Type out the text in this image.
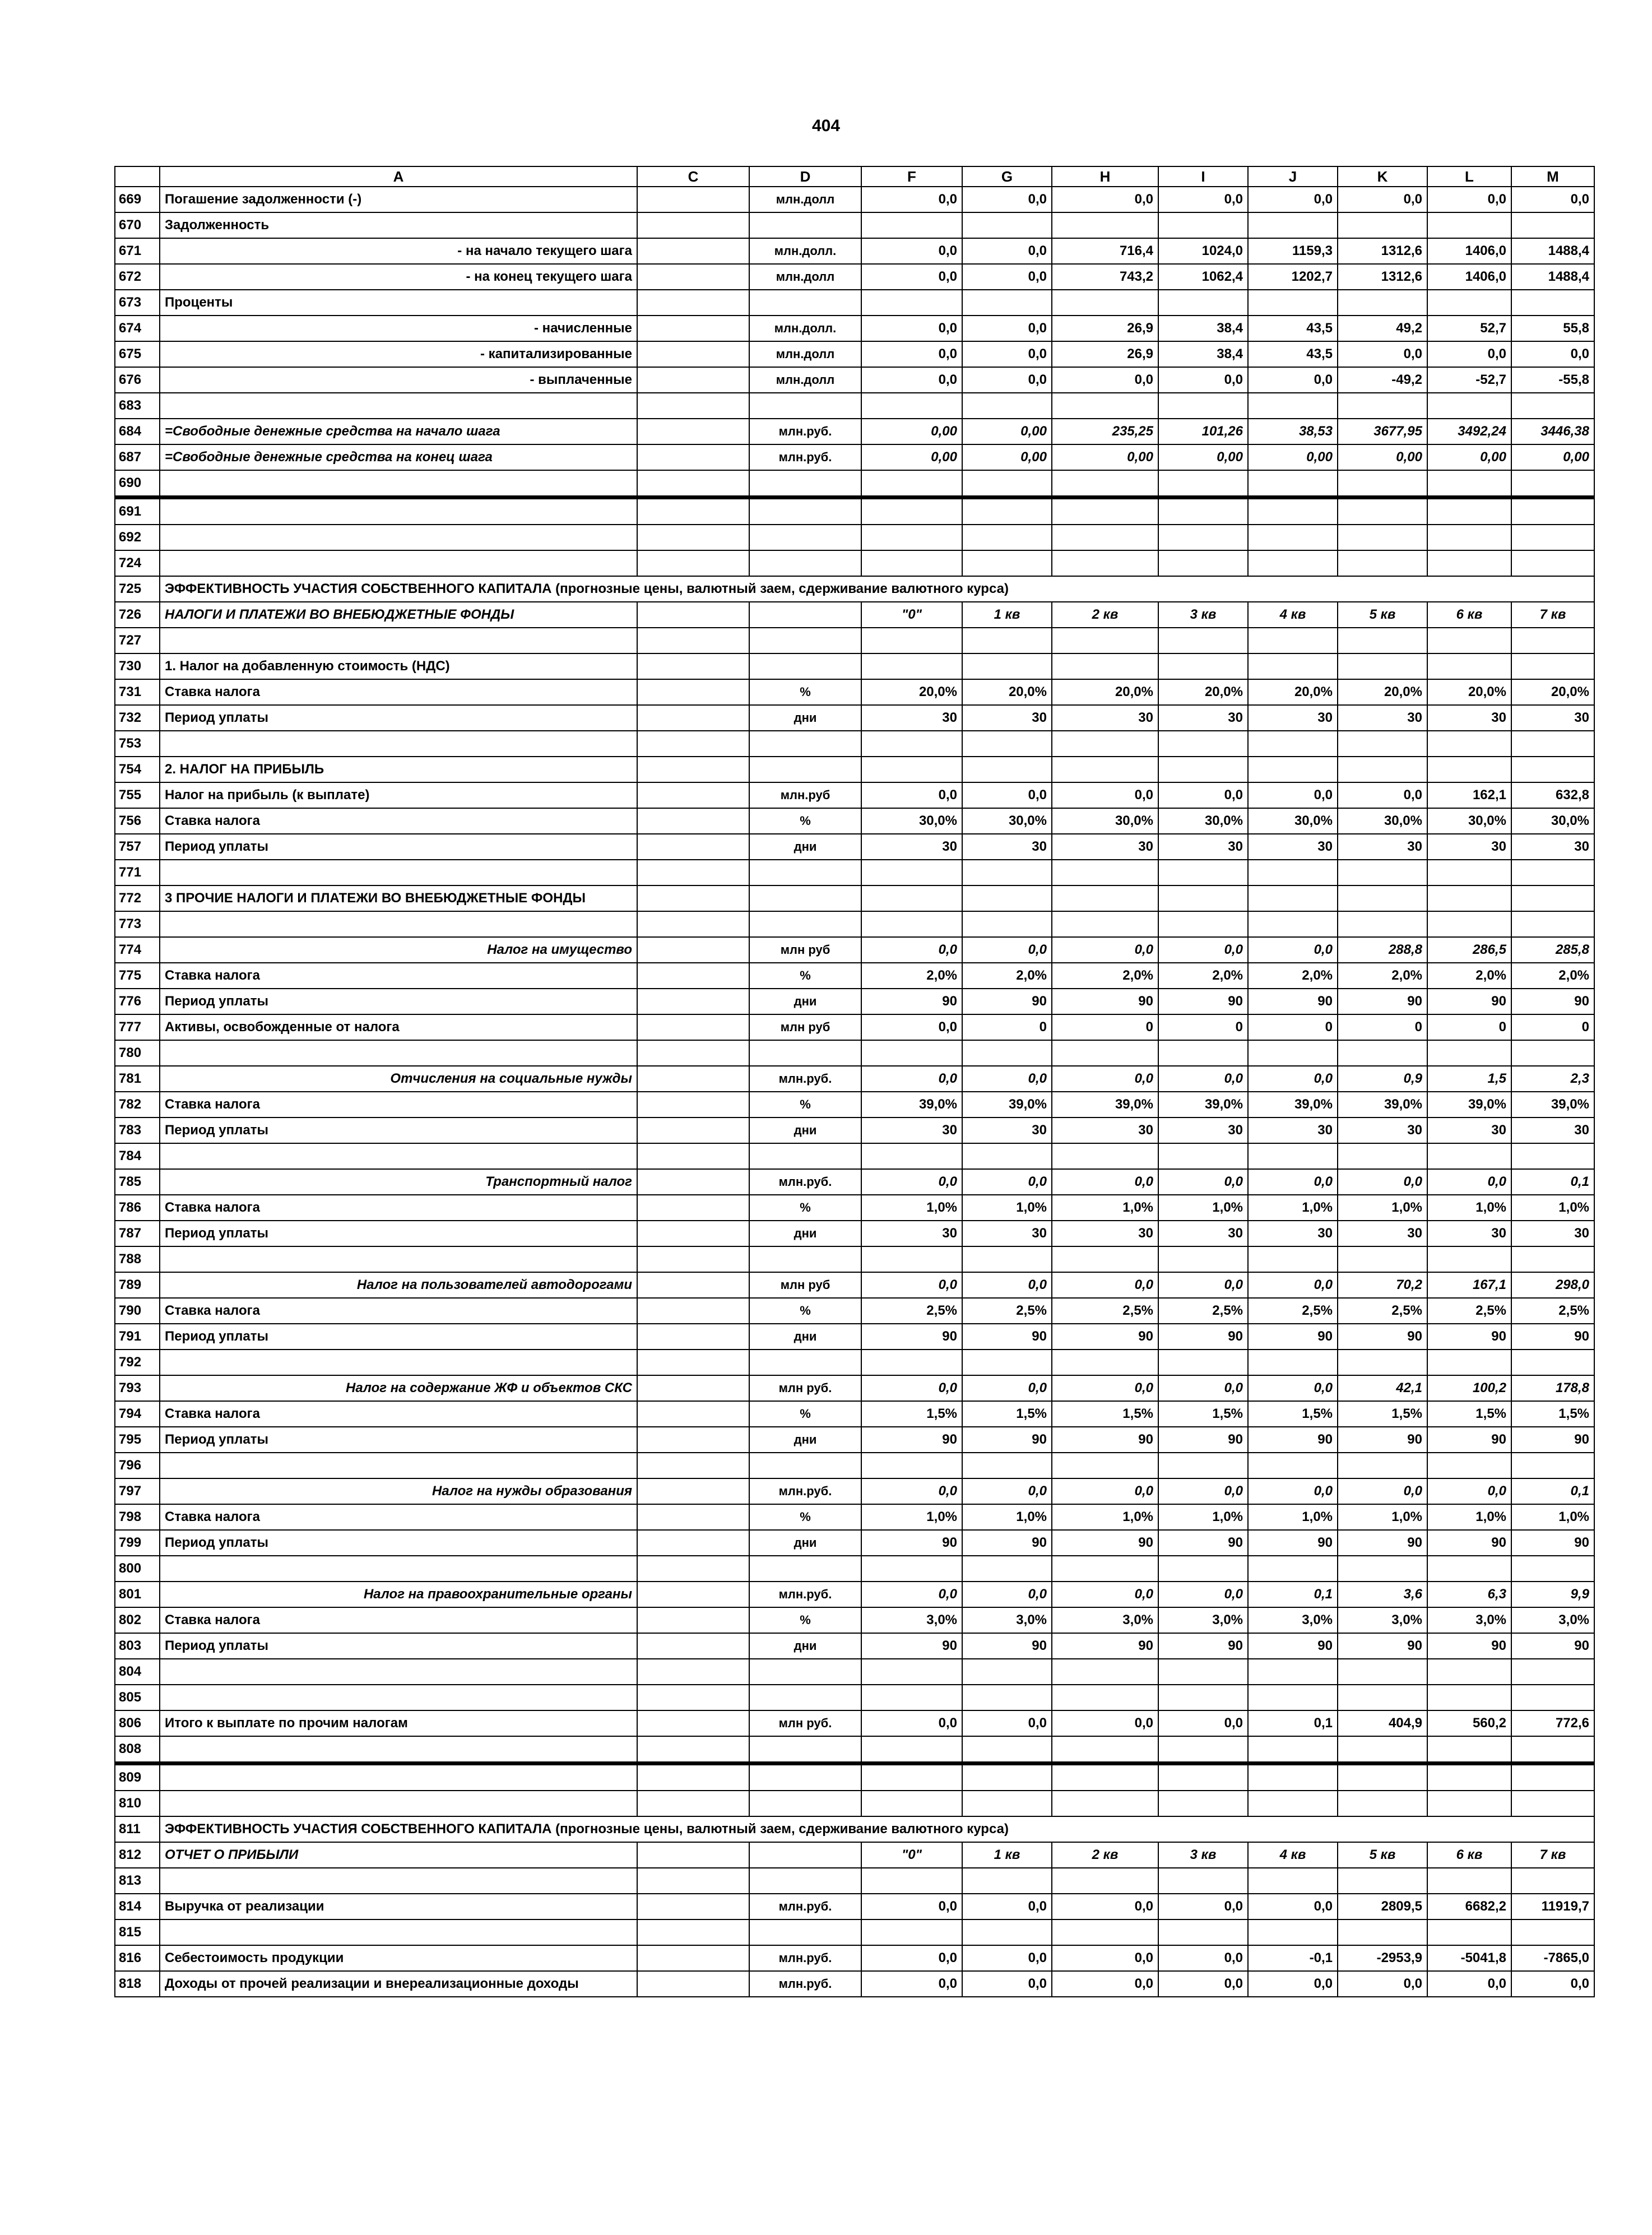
404
	A	C	D	F	G	H	I	J	K	L	M
669	Погашение задолженности (-)		млн.долл	0,0	0,0	0,0	0,0	0,0	0,0	0,0	0,0
670	Задолженность										
671	- на начало текущего шага		млн.долл.	0,0	0,0	716,4	1024,0	1159,3	1312,6	1406,0	1488,4
672	- на конец текущего шага		млн.долл	0,0	0,0	743,2	1062,4	1202,7	1312,6	1406,0	1488,4
673	Проценты										
674	- начисленные		млн.долл.	0,0	0,0	26,9	38,4	43,5	49,2	52,7	55,8
675	- капитализированные		млн.долл	0,0	0,0	26,9	38,4	43,5	0,0	0,0	0,0
676	- выплаченные		млн.долл	0,0	0,0	0,0	0,0	0,0	-49,2	-52,7	-55,8
683											
684	=Свободные денежные средства на начало шага		млн.руб.	0,00	0,00	235,25	101,26	38,53	3677,95	3492,24	3446,38
687	=Свободные денежные средства на конец шага		млн.руб.	0,00	0,00	0,00	0,00	0,00	0,00	0,00	0,00
690											
691											
692											
724											
725	ЭФФЕКТИВНОСТЬ УЧАСТИЯ СОБСТВЕННОГО КАПИТАЛА (прогнозные цены, валютный заем, сдерживание валютного курса)										
726	НАЛОГИ И ПЛАТЕЖИ ВО ВНЕБЮДЖЕТНЫЕ ФОНДЫ			"0"	1 кв	2 кв	3 кв	4 кв	5 кв	6 кв	7 кв
727											
730	1. Налог на добавленную стоимость (НДС)										
731	Ставка налога		%	20,0%	20,0%	20,0%	20,0%	20,0%	20,0%	20,0%	20,0%
732	Период уплаты		дни	30	30	30	30	30	30	30	30
753											
754	2. НАЛОГ НА ПРИБЫЛЬ										
755	Налог на прибыль (к выплате)		млн.руб	0,0	0,0	0,0	0,0	0,0	0,0	162,1	632,8
756	Ставка налога		%	30,0%	30,0%	30,0%	30,0%	30,0%	30,0%	30,0%	30,0%
757	Период уплаты		дни	30	30	30	30	30	30	30	30
771											
772	3 ПРОЧИЕ НАЛОГИ И ПЛАТЕЖИ ВО ВНЕБЮДЖЕТНЫЕ ФОНДЫ										
773											
774	Налог на имущество		млн руб	0,0	0,0	0,0	0,0	0,0	288,8	286,5	285,8
775	Ставка налога		%	2,0%	2,0%	2,0%	2,0%	2,0%	2,0%	2,0%	2,0%
776	Период уплаты		дни	90	90	90	90	90	90	90	90
777	Активы, освобожденные от налога		млн руб	0,0	0	0	0	0	0	0	0
780											
781	Отчисления на социальные нужды		млн.руб.	0,0	0,0	0,0	0,0	0,0	0,9	1,5	2,3
782	Ставка налога		%	39,0%	39,0%	39,0%	39,0%	39,0%	39,0%	39,0%	39,0%
783	Период уплаты		дни	30	30	30	30	30	30	30	30
784											
785	Транспортный налог		млн.руб.	0,0	0,0	0,0	0,0	0,0	0,0	0,0	0,1
786	Ставка налога		%	1,0%	1,0%	1,0%	1,0%	1,0%	1,0%	1,0%	1,0%
787	Период уплаты		дни	30	30	30	30	30	30	30	30
788											
789	Налог на пользователей автодорогами		млн руб	0,0	0,0	0,0	0,0	0,0	70,2	167,1	298,0
790	Ставка налога		%	2,5%	2,5%	2,5%	2,5%	2,5%	2,5%	2,5%	2,5%
791	Период уплаты		дни	90	90	90	90	90	90	90	90
792											
793	Налог на содержание ЖФ и объектов СКС		млн руб.	0,0	0,0	0,0	0,0	0,0	42,1	100,2	178,8
794	Ставка налога		%	1,5%	1,5%	1,5%	1,5%	1,5%	1,5%	1,5%	1,5%
795	Период уплаты		дни	90	90	90	90	90	90	90	90
796											
797	Налог на нужды образования		млн.руб.	0,0	0,0	0,0	0,0	0,0	0,0	0,0	0,1
798	Ставка налога		%	1,0%	1,0%	1,0%	1,0%	1,0%	1,0%	1,0%	1,0%
799	Период уплаты		дни	90	90	90	90	90	90	90	90
800											
801	Налог на правоохранительные органы		млн.руб.	0,0	0,0	0,0	0,0	0,1	3,6	6,3	9,9
802	Ставка налога		%	3,0%	3,0%	3,0%	3,0%	3,0%	3,0%	3,0%	3,0%
803	Период уплаты		дни	90	90	90	90	90	90	90	90
804											
805											
806	Итого к выплате по прочим налогам		млн руб.	0,0	0,0	0,0	0,0	0,1	404,9	560,2	772,6
808											
809											
810											
811	ЭФФЕКТИВНОСТЬ УЧАСТИЯ СОБСТВЕННОГО КАПИТАЛА (прогнозные цены, валютный заем, сдерживание валютного курса)										
812	ОТЧЕТ О ПРИБЫЛИ			"0"	1 кв	2 кв	3 кв	4 кв	5 кв	6 кв	7 кв
813											
814	Выручка от реализации		млн.руб.	0,0	0,0	0,0	0,0	0,0	2809,5	6682,2	11919,7
815											
816	Себестоимость продукции		млн.руб.	0,0	0,0	0,0	0,0	-0,1	-2953,9	-5041,8	-7865,0
818	Доходы от прочей реализации и внереализационные доходы		млн.руб.	0,0	0,0	0,0	0,0	0,0	0,0	0,0	0,0
